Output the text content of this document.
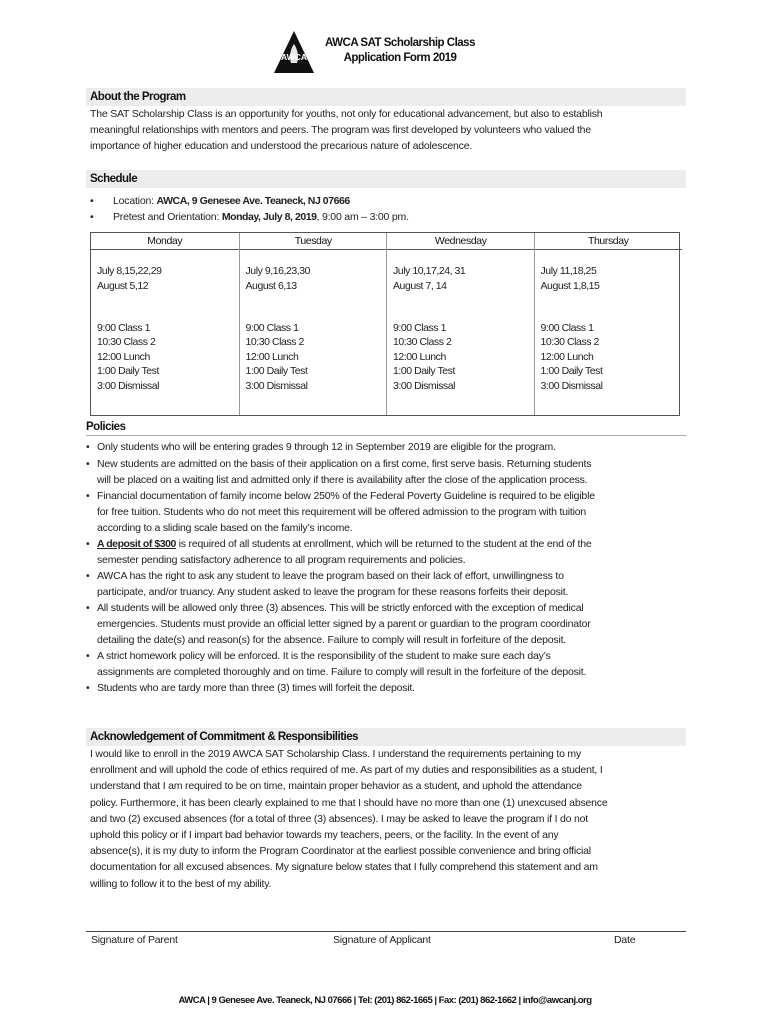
AWCA
AWCA SAT Scholarship Class
Application Form 2019
About the Program
The SAT Scholarship Class is an opportunity for youths, not only for educational advancement, but also to establish
meaningful relationships with mentors and peers. The program was first developed by volunteers who valued the
importance of higher education and understood the precarious nature of adolescence.
Schedule
• Location: AWCA, 9 Genesee Ave. Teaneck, NJ 07666
• Pretest and Orientation: Monday, July 8, 2019, 9:00 am – 3:00 pm.
Monday
July 8,15,22,29
August 5,12
9:00 Class 1
10:30 Class 2
12:00 Lunch
1:00 Daily Test
3:00 Dismissal
Tuesday
July 9,16,23,30
August 6,13
9:00 Class 1
10:30 Class 2
12:00 Lunch
1:00 Daily Test
3:00 Dismissal
Wednesday
July 10,17,24, 31
August 7, 14
9:00 Class 1
10:30 Class 2
12:00 Lunch
1:00 Daily Test
3:00 Dismissal
Thursday
July 11,18,25
August 1,8,15
9:00 Class 1
10:30 Class 2
12:00 Lunch
1:00 Daily Test
3:00 Dismissal
Policies
• Only students who will be entering grades 9 through 12 in September 2019 are eligible for the program.
• New students are admitted on the basis of their application on a first come, first serve basis. Returning students
will be placed on a waiting list and admitted only if there is availability after the close of the application process.
• Financial documentation of family income below 250% of the Federal Poverty Guideline is required to be eligible
for free tuition. Students who do not meet this requirement will be offered admission to the program with tuition
according to a sliding scale based on the family’s income.
• A deposit of $300 is required of all students at enrollment, which will be returned to the student at the end of the
semester pending satisfactory adherence to all program requirements and policies.
• AWCA has the right to ask any student to leave the program based on their lack of effort, unwillingness to
participate, and/or truancy. Any student asked to leave the program for these reasons forfeits their deposit.
• All students will be allowed only three (3) absences. This will be strictly enforced with the exception of medical
emergencies. Students must provide an official letter signed by a parent or guardian to the program coordinator
detailing the date(s) and reason(s) for the absence. Failure to comply will result in forfeiture of the deposit.
• A strict homework policy will be enforced. It is the responsibility of the student to make sure each day’s
assignments are completed thoroughly and on time. Failure to comply will result in the forfeiture of the deposit.
• Students who are tardy more than three (3) times will forfeit the deposit.
Acknowledgement of Commitment & Responsibilities
I would like to enroll in the 2019 AWCA SAT Scholarship Class. I understand the requirements pertaining to my
enrollment and will uphold the code of ethics required of me. As part of my duties and responsibilities as a student, I
understand that I am required to be on time, maintain proper behavior as a student, and uphold the attendance
policy. Furthermore, it has been clearly explained to me that I should have no more than one (1) unexcused absence
and two (2) excused absences (for a total of three (3) absences). I may be asked to leave the program if I do not
uphold this policy or if I impart bad behavior towards my teachers, peers, or the facility. In the event of any
absence(s), it is my duty to inform the Program Coordinator at the earliest possible convenience and bring official
documentation for all excused absences. My signature below states that I fully comprehend this statement and am
willing to follow it to the best of my ability.
Signature of Parent	Signature of Applicant	Date
AWCA | 9 Genesee Ave. Teaneck, NJ 07666 | Tel: (201) 862-1665 | Fax: (201) 862-1662 | info@awcanj.org
